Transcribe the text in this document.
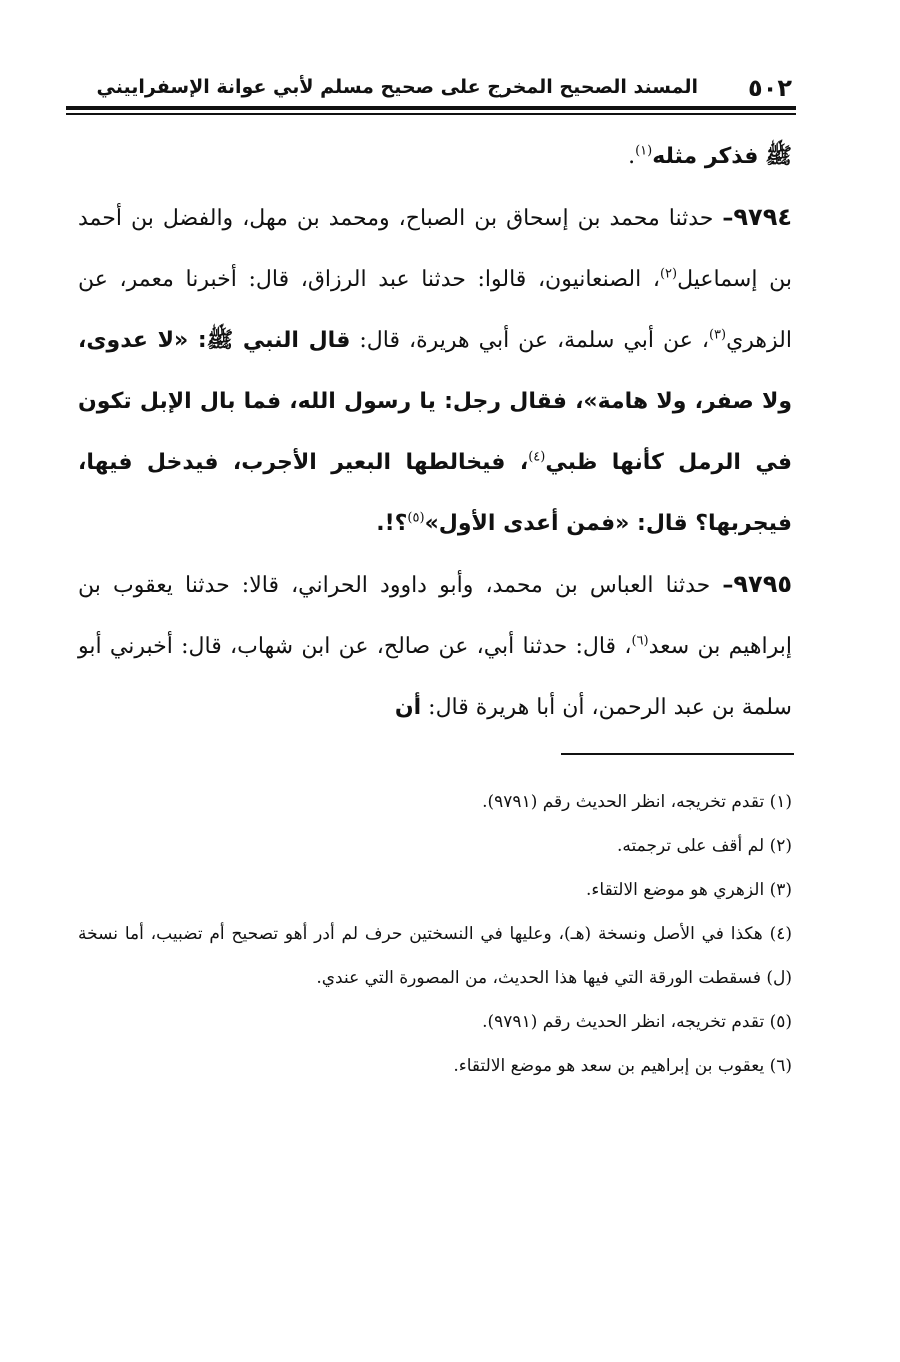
٥٠٢
المسند الصحيح المخرج على صحيح مسلم لأبي عوانة الإسفراييني

ﷺ فذكر مثله$^{(١)}$.

٩٧٩٤– حدثنا محمد بن إسحاق بن الصباح، ومحمد بن مهل، والفضل بن أحمد بن إسماعيل$^{(٢)}$، الصنعانيون، قالوا: حدثنا عبد الرزاق، قال: أخبرنا معمر، عن الزهري$^{(٣)}$، عن أبي سلمة، عن أبي هريرة، قال: قال النبي ﷺ: «لا عدوى، ولا صفر، ولا هامة»، فقال رجل: يا رسول الله، فما بال الإبل تكون في الرمل كأنها ظبي$^{(٤)}$، فيخالطها البعير الأجرب، فيدخل فيها، فيجربها؟ قال: «فمن أعدى الأول»$^{(٥)}$؟!.

٩٧٩٥– حدثنا العباس بن محمد، وأبو داوود الحراني، قالا: حدثنا يعقوب بن إبراهيم بن سعد$^{(٦)}$، قال: حدثنا أبي، عن صالح، عن ابن شهاب، قال: أخبرني أبو سلمة بن عبد الرحمن، أن أبا هريرة قال: أن

(١) تقدم تخريجه، انظر الحديث رقم (٩٧٩١).

(٢) لم أقف على ترجمته.

(٣) الزهري هو موضع الالتقاء.

(٤) هكذا في الأصل ونسخة (هـ)، وعليها في النسختين حرف لم أدر أهو تصحيح أم تضبيب، أما نسخة (ل) فسقطت الورقة التي فيها هذا الحديث، من المصورة التي عندي.

(٥) تقدم تخريجه، انظر الحديث رقم (٩٧٩١).

(٦) يعقوب بن إبراهيم بن سعد هو موضع الالتقاء.
